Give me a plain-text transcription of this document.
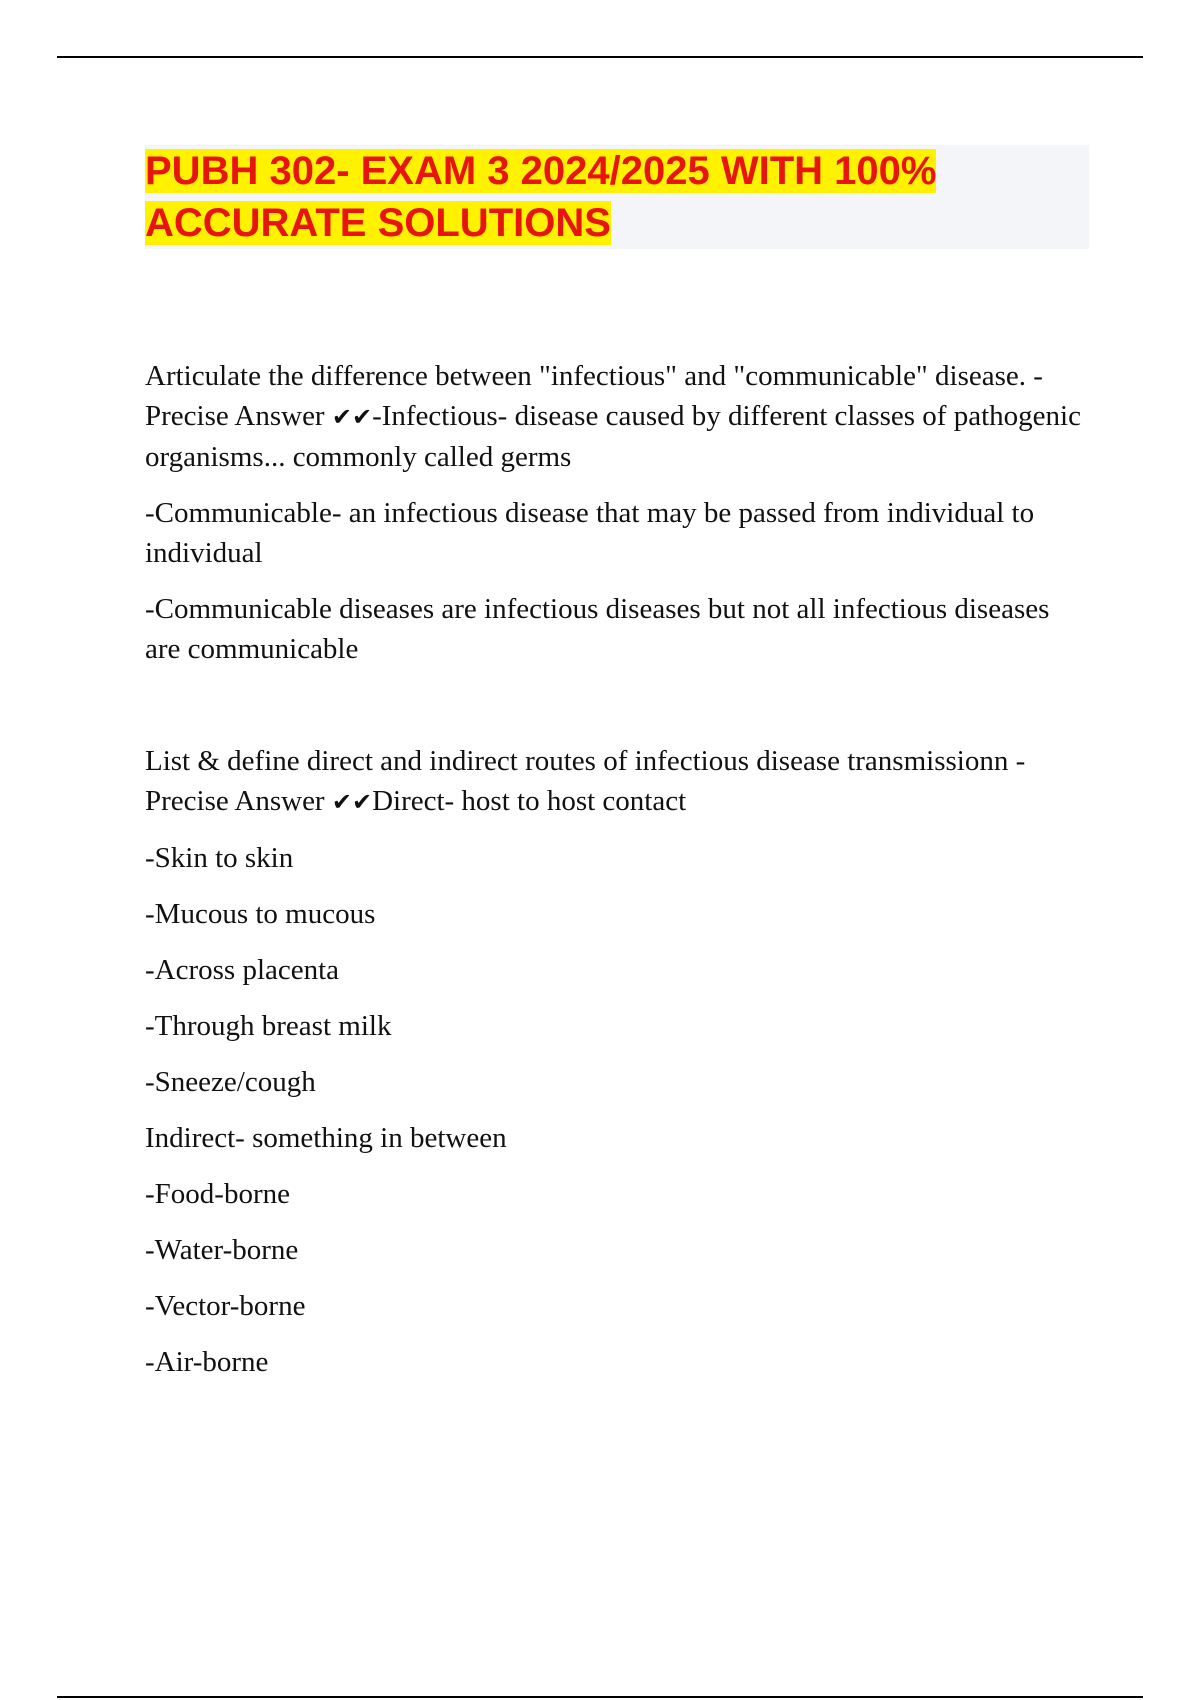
PUBH 302- EXAM 3 2024/2025 WITH 100% ACCURATE SOLUTIONS

Articulate the difference between "infectious" and "communicable" disease. - Precise Answer ✔✔-Infectious- disease caused by different classes of pathogenic organisms... commonly called germs

-Communicable- an infectious disease that may be passed from individual to individual

-Communicable diseases are infectious diseases but not all infectious diseases are communicable

List & define direct and indirect routes of infectious disease transmissionn - Precise Answer ✔✔Direct- host to host contact

-Skin to skin

-Mucous to mucous

-Across placenta

-Through breast milk

-Sneeze/cough

Indirect- something in between

-Food-borne

-Water-borne

-Vector-borne

-Air-borne
